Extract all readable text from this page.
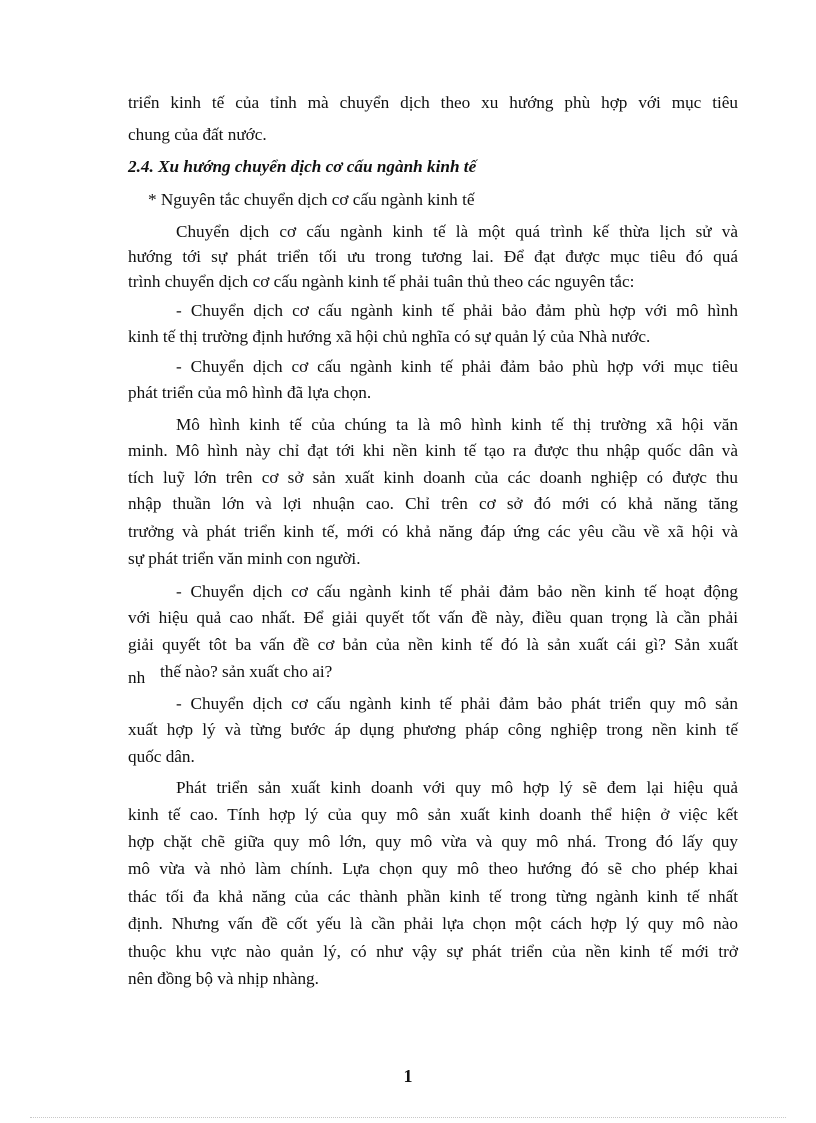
triển kinh tế của tỉnh mà chuyển dịch theo xu hướng phù hợp với mục tiêu
chung của đất nước.
2.4. Xu hướng chuyển dịch cơ cấu ngành kinh tế
* Nguyên tắc chuyển dịch cơ cấu ngành kinh tế
Chuyển dịch cơ cấu ngành kinh tế là một quá trình kế thừa lịch sử và
hướng tới sự phát triển tối ưu trong tương lai. Để đạt được mục tiêu đó quá
trình chuyển dịch cơ cấu ngành kinh tế phải tuân thủ theo các nguyên tắc:
- Chuyển dịch cơ cấu ngành kinh tế phải bảo đảm phù hợp với mô hình
kinh tế thị trường định hướng xã hội chủ nghĩa có sự quản lý của Nhà nước.
- Chuyển dịch cơ cấu ngành kinh tế phải đảm bảo phù hợp với mục tiêu
phát triển của mô hình đã lựa chọn.
Mô hình kinh tế của chúng ta là mô hình kinh tế thị trường xã hội văn
minh. Mô hình này chỉ đạt tới khi nền kinh tế tạo ra được thu nhập quốc dân và
tích luỹ lớn trên cơ sở sản xuất kinh doanh của các doanh nghiệp có được thu
nhập thuần lớn và lợi nhuận cao. Chỉ trên cơ sở đó mới có khả năng tăng
trưởng và phát triển kinh tế, mới có khả năng đáp ứng các yêu cầu về xã hội và
sự phát triển văn minh con người.
- Chuyển dịch cơ cấu ngành kinh tế phải đảm bảo nền kinh tế hoạt động
với hiệu quả cao nhất. Để giải quyết tốt vấn đề này, điều quan trọng là cần phải
giải quyết tôt ba vấn đề cơ bản của nền kinh tế đó là sản xuất cái gì? Sản xuất
nh thế nào? sản xuất cho ai?
- Chuyển dịch cơ cấu ngành kinh tế phải đảm bảo phát triển quy mô sản
xuất hợp lý và từng bước áp dụng phương pháp công nghiệp trong nền kinh tế
quốc dân.
Phát triển sản xuất kinh doanh với quy mô hợp lý sẽ đem lại hiệu quả
kinh tế cao. Tính hợp lý của quy mô sản xuất kinh doanh thể hiện ở việc kết
hợp chặt chẽ giữa quy mô lớn, quy mô vừa và quy mô nhá. Trong đó lấy quy
mô vừa và nhỏ làm chính. Lựa chọn quy mô theo hướng đó sẽ cho phép khai
thác tối đa khả năng của các thành phần kinh tế trong từng ngành kinh tế nhất
định. Nhưng vấn đề cốt yếu là cần phải lựa chọn một cách hợp lý quy mô nào
thuộc khu vực nào quản lý, có như vậy sự phát triển của nền kinh tế mới trở
nên đồng bộ và nhịp nhàng.
1
